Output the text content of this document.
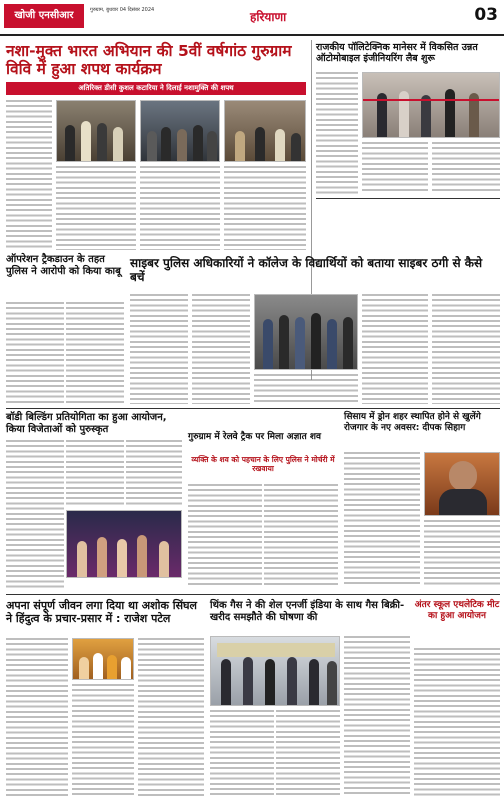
खोजी एनसीआर	गुरुग्राम, बुधवार 04 दिसंबर 2024	हरियाणा	03
नशा-मुक्त भारत अभियान की 5वीं वर्षगांठ गुरुग्राम विवि में हुआ शपथ कार्यक्रम
अतिरिक्त डीसी कुशल कटारिया ने दिलाई नशामुक्ति की शपथ
राजकीय पॉलिटेक्निक मानेसर में विकसित उन्नत ऑटोमोबाइल इंजीनियरिंग लैब शुरू
ऑपरेशन ट्रैकडाउन के तहत पुलिस ने आरोपी को किया काबू
साइबर पुलिस अधिकारियों ने कॉलेज के विद्यार्थियों को बताया साइबर ठगी से कैसे बचें
बॉडी बिल्डिंग प्रतियोगिता का हुआ आयोजन, किया विजेताओं को पुरुस्कृत
गुरुग्राम में रेलवे ट्रैक पर मिला अज्ञात शव
व्यक्ति के शव को पहचान के लिए पुलिस ने मोर्चरी में रखवाया
सिसाय में ड्रोन शहर स्थापित होने से खुलेंगे रोजगार के नए अवसर: दीपक सिहाग
अपना संपूर्ण जीवन लगा दिया था अशोक सिंघल ने हिंदुत्व के प्रचार-प्रसार में : राजेश पटेल
थिंक गैस ने की शेल एनर्जी इंडिया के साथ गैस बिक्री-खरीद समझौते की घोषणा की
अंतर स्कूल एथलेटिक मीट का हुआ आयोजन
